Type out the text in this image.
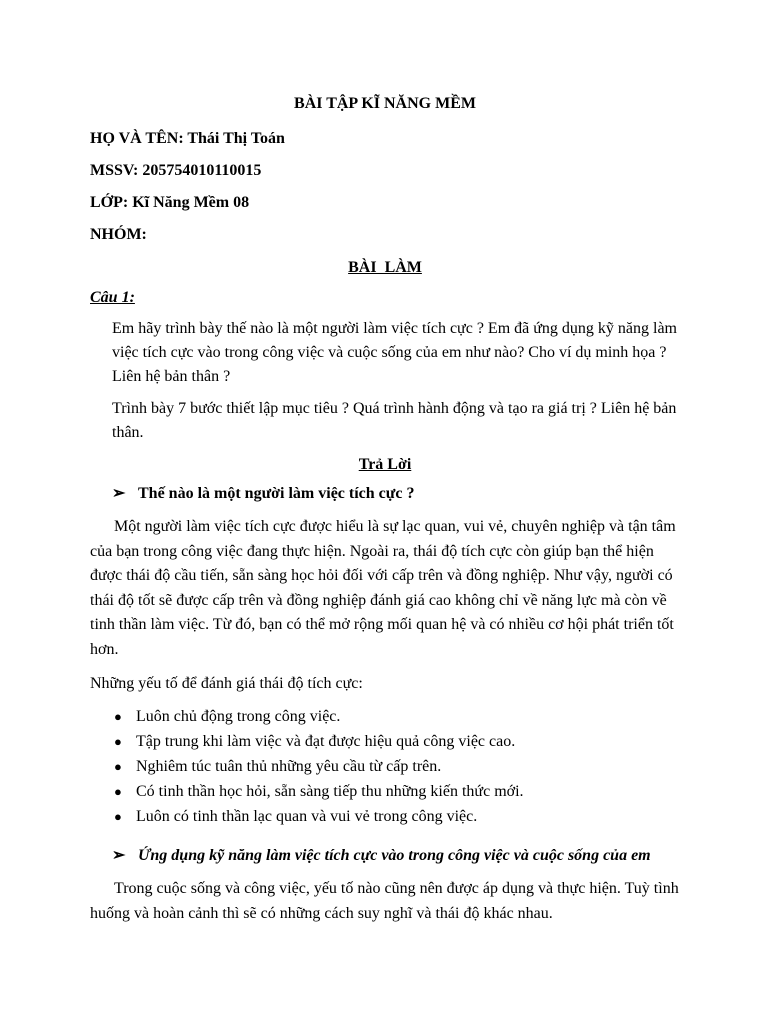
BÀI TẬP KĨ NĂNG MỀM

HỌ VÀ TÊN: Thái Thị Toán

MSSV: 205754010110015

LỚP: Kĩ Năng Mềm 08

NHÓM:

BÀI  LÀM

Câu 1:

Em hãy trình bày thế nào là một người làm việc tích cực ? Em đã ứng dụng kỹ năng làm việc tích cực vào trong công việc và cuộc sống của em như nào? Cho ví dụ minh họa ? Liên hệ bản thân ?

Trình bày 7 bước thiết lập mục tiêu ? Quá trình hành động và tạo ra giá trị ? Liên hệ bản thân.

Trả Lời

➢ Thế nào là một người làm việc tích cực ?

Một người làm việc tích cực được hiểu là sự lạc quan, vui vẻ, chuyên nghiệp và tận tâm của bạn trong công việc đang thực hiện. Ngoài ra, thái độ tích cực còn giúp bạn thể hiện được thái độ cầu tiến, sẵn sàng học hỏi đối với cấp trên và đồng nghiệp. Như vậy, người có thái độ tốt sẽ được cấp trên và đồng nghiệp đánh giá cao không chỉ về năng lực mà còn về tinh thần làm việc. Từ đó, bạn có thể mở rộng mối quan hệ và có nhiều cơ hội phát triển tốt hơn.

Những yếu tố để đánh giá thái độ tích cực:

● Luôn chủ động trong công việc.
● Tập trung khi làm việc và đạt được hiệu quả công việc cao.
● Nghiêm túc tuân thủ những yêu cầu từ cấp trên.
● Có tinh thần học hỏi, sẵn sàng tiếp thu những kiến thức mới.
● Luôn có tinh thần lạc quan và vui vẻ trong công việc.
➢ Ứng dụng kỹ năng làm việc tích cực vào trong công việc và cuộc sống của em

Trong cuộc sống và công việc, yếu tố nào cũng nên được áp dụng và thực hiện. Tuỳ tình huống và hoàn cảnh thì sẽ có những cách suy nghĩ và thái độ khác nhau.
